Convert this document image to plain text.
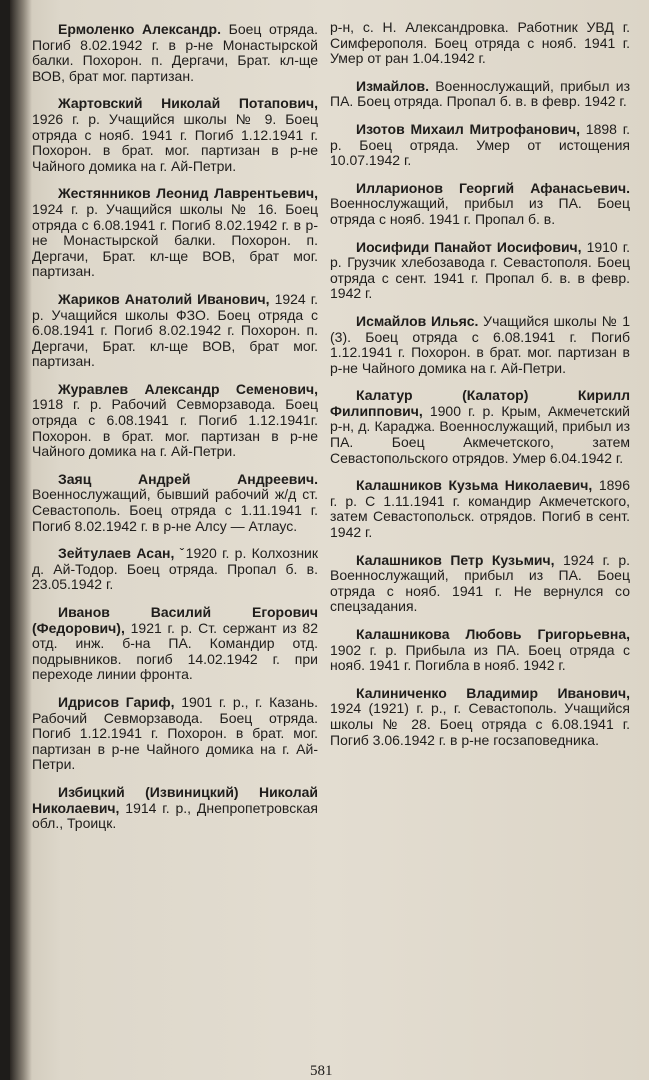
Ермоленко Александр. Боец отряда. Погиб 8.02.1942 г. в р-не Монастырской балки. Похорон. п. Дергачи, Брат. кл-ще ВОВ, брат мог. партизан.

Жартовский Николай Потапович, 1926 г. р. Учащийся школы № 9. Боец отряда с нояб. 1941 г. Погиб 1.12.1941 г. Похорон. в брат. мог. партизан в р-не Чайного домика на г. Ай-Петри.

Жестянников Леонид Лаврентьевич, 1924 г. р. Учащийся школы № 16. Боец отряда с 6.08.1941 г. Погиб 8.02.1942 г. в р-не Монастырской балки. Похорон. п. Дергачи, Брат. кл-ще ВОВ, брат мог. партизан.

Жариков Анатолий Иванович, 1924 г. р. Учащийся школы ФЗО. Боец отряда с 6.08.1941 г. Погиб 8.02.1942 г. Похорон. п. Дергачи, Брат. кл-ще ВОВ, брат мог. партизан.

Журавлев Александр Семенович, 1918 г. р. Рабочий Севморзавода. Боец отряда с 6.08.1941 г. Погиб 1.12.1941г. Похорон. в брат. мог. партизан в р-не Чайного домика на г. Ай-Петри.

Заяц Андрей Андреевич. Военнослужащий, бывший рабочий ж/д ст. Севастополь. Боец отряда с 1.11.1941 г. Погиб 8.02.1942 г. в р-не Алсу — Атлаус.

Зейтулаев Асан, ˇ1920 г. р. Колхозник д. Ай-Тодор. Боец отряда. Пропал б. в. 23.05.1942 г.

Иванов Василий Егорович (Федорович), 1921 г. р. Ст. сержант из 82 отд. инж. б-на ПА. Командир отд. подрывников. погиб 14.02.1942 г. при переходе линии фронта.

Идрисов Гариф, 1901 г. р., г. Казань. Рабочий Севморзавода. Боец отряда. Погиб 1.12.1941 г. Похорон. в брат. мог. партизан в р-не Чайного домика на г. Ай-Петри.

Избицкий (Извиницкий) Николай Николаевич, 1914 г. р., Днепропетровская обл., Троицк.

р-н, с. Н. Александровка. Работник УВД г. Симферополя. Боец отряда с нояб. 1941 г. Умер от ран 1.04.1942 г.

Измайлов. Военнослужащий, прибыл из ПА. Боец отряда. Пропал б. в. в февр. 1942 г.

Изотов Михаил Митрофанович, 1898 г. р. Боец отряда. Умер от истощения 10.07.1942 г.

Илларионов Георгий Афанасьевич. Военнослужащий, прибыл из ПА. Боец отряда с нояб. 1941 г. Пропал б. в.

Иосифиди Панайот Иосифович, 1910 г. р. Грузчик хлебозавода г. Севастополя. Боец отряда с сент. 1941 г. Пропал б. в. в февр. 1942 г.

Исмайлов Ильяс. Учащийся школы № 1 (3). Боец отряда с 6.08.1941 г. Погиб 1.12.1941 г. Похорон. в брат. мог. партизан в р-не Чайного домика на г. Ай-Петри.

Калатур (Калатор) Кирилл Филиппович, 1900 г. р. Крым, Акмечетский р-н, д. Караджа. Военнослужащий, прибыл из ПА. Боец Акмечетского, затем Севастопольского отрядов. Умер 6.04.1942 г.

Калашников Кузьма Николаевич, 1896 г. р. С 1.11.1941 г. командир Акмечетского, затем Севастопольск. отрядов. Погиб в сент. 1942 г.

Калашников Петр Кузьмич, 1924 г. р. Военнослужащий, прибыл из ПА. Боец отряда с нояб. 1941 г. Не вернулся со спецзадания.

Калашникова Любовь Григорьевна, 1902 г. р. Прибыла из ПА. Боец отряда с нояб. 1941 г. Погибла в нояб. 1942 г.

Калиниченко Владимир Иванович, 1924 (1921) г. р., г. Севастополь. Учащийся школы № 28. Боец отряда с 6.08.1941 г. Погиб 3.06.1942 г. в р-не госзаповедника.

581
